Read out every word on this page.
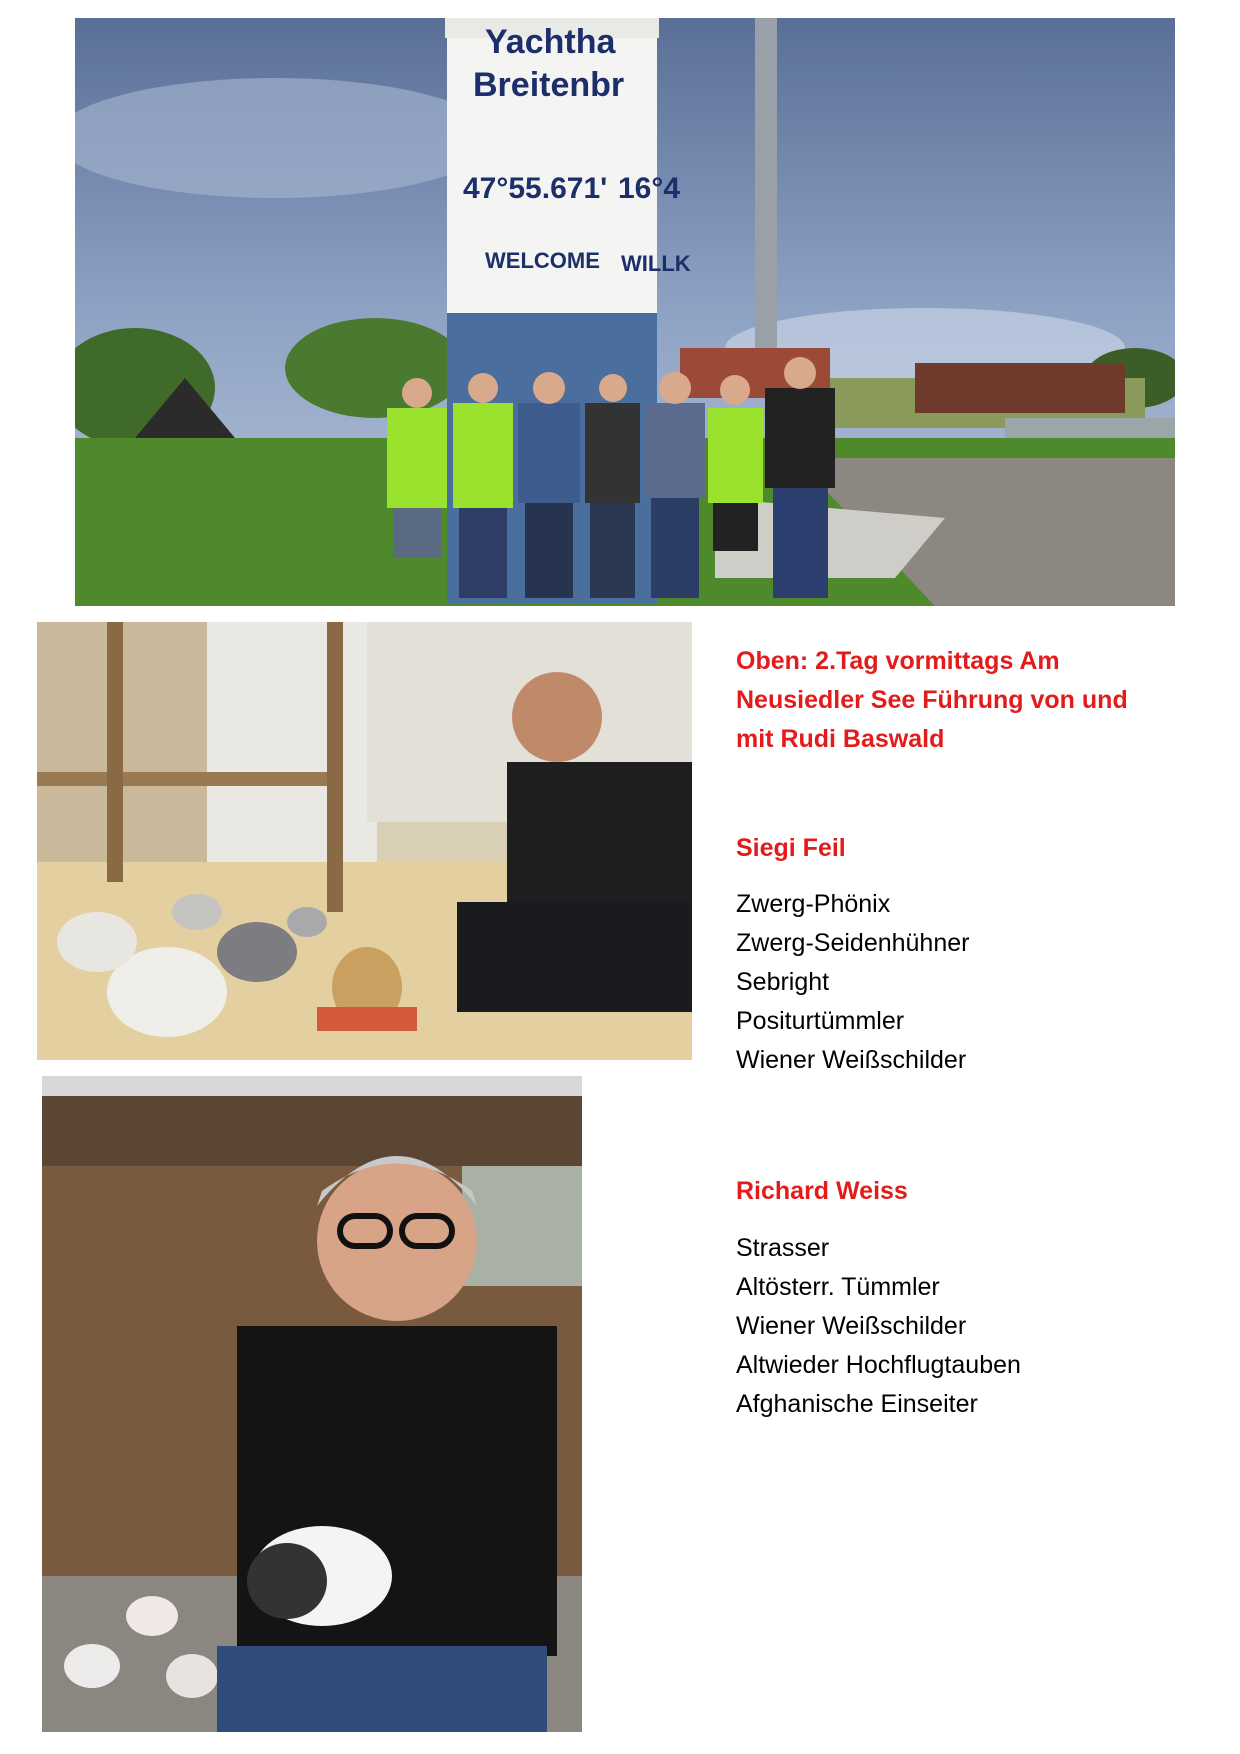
Yachtha
Breitenbr
47°55.671' 16°4
WELCOME WILLK

Oben: 2.Tag vormittags Am

Neusiedler See Führung von und

mit Rudi Baswald

Siegi Feil

Zwerg-Phönix
Zwerg-Seidenhühner
Sebright
Positurtümmler
Wiener Weißschilder

Richard Weiss

Strasser
Altösterr. Tümmler
Wiener Weißschilder
Altwieder Hochflugtauben
Afghanische Einseiter
